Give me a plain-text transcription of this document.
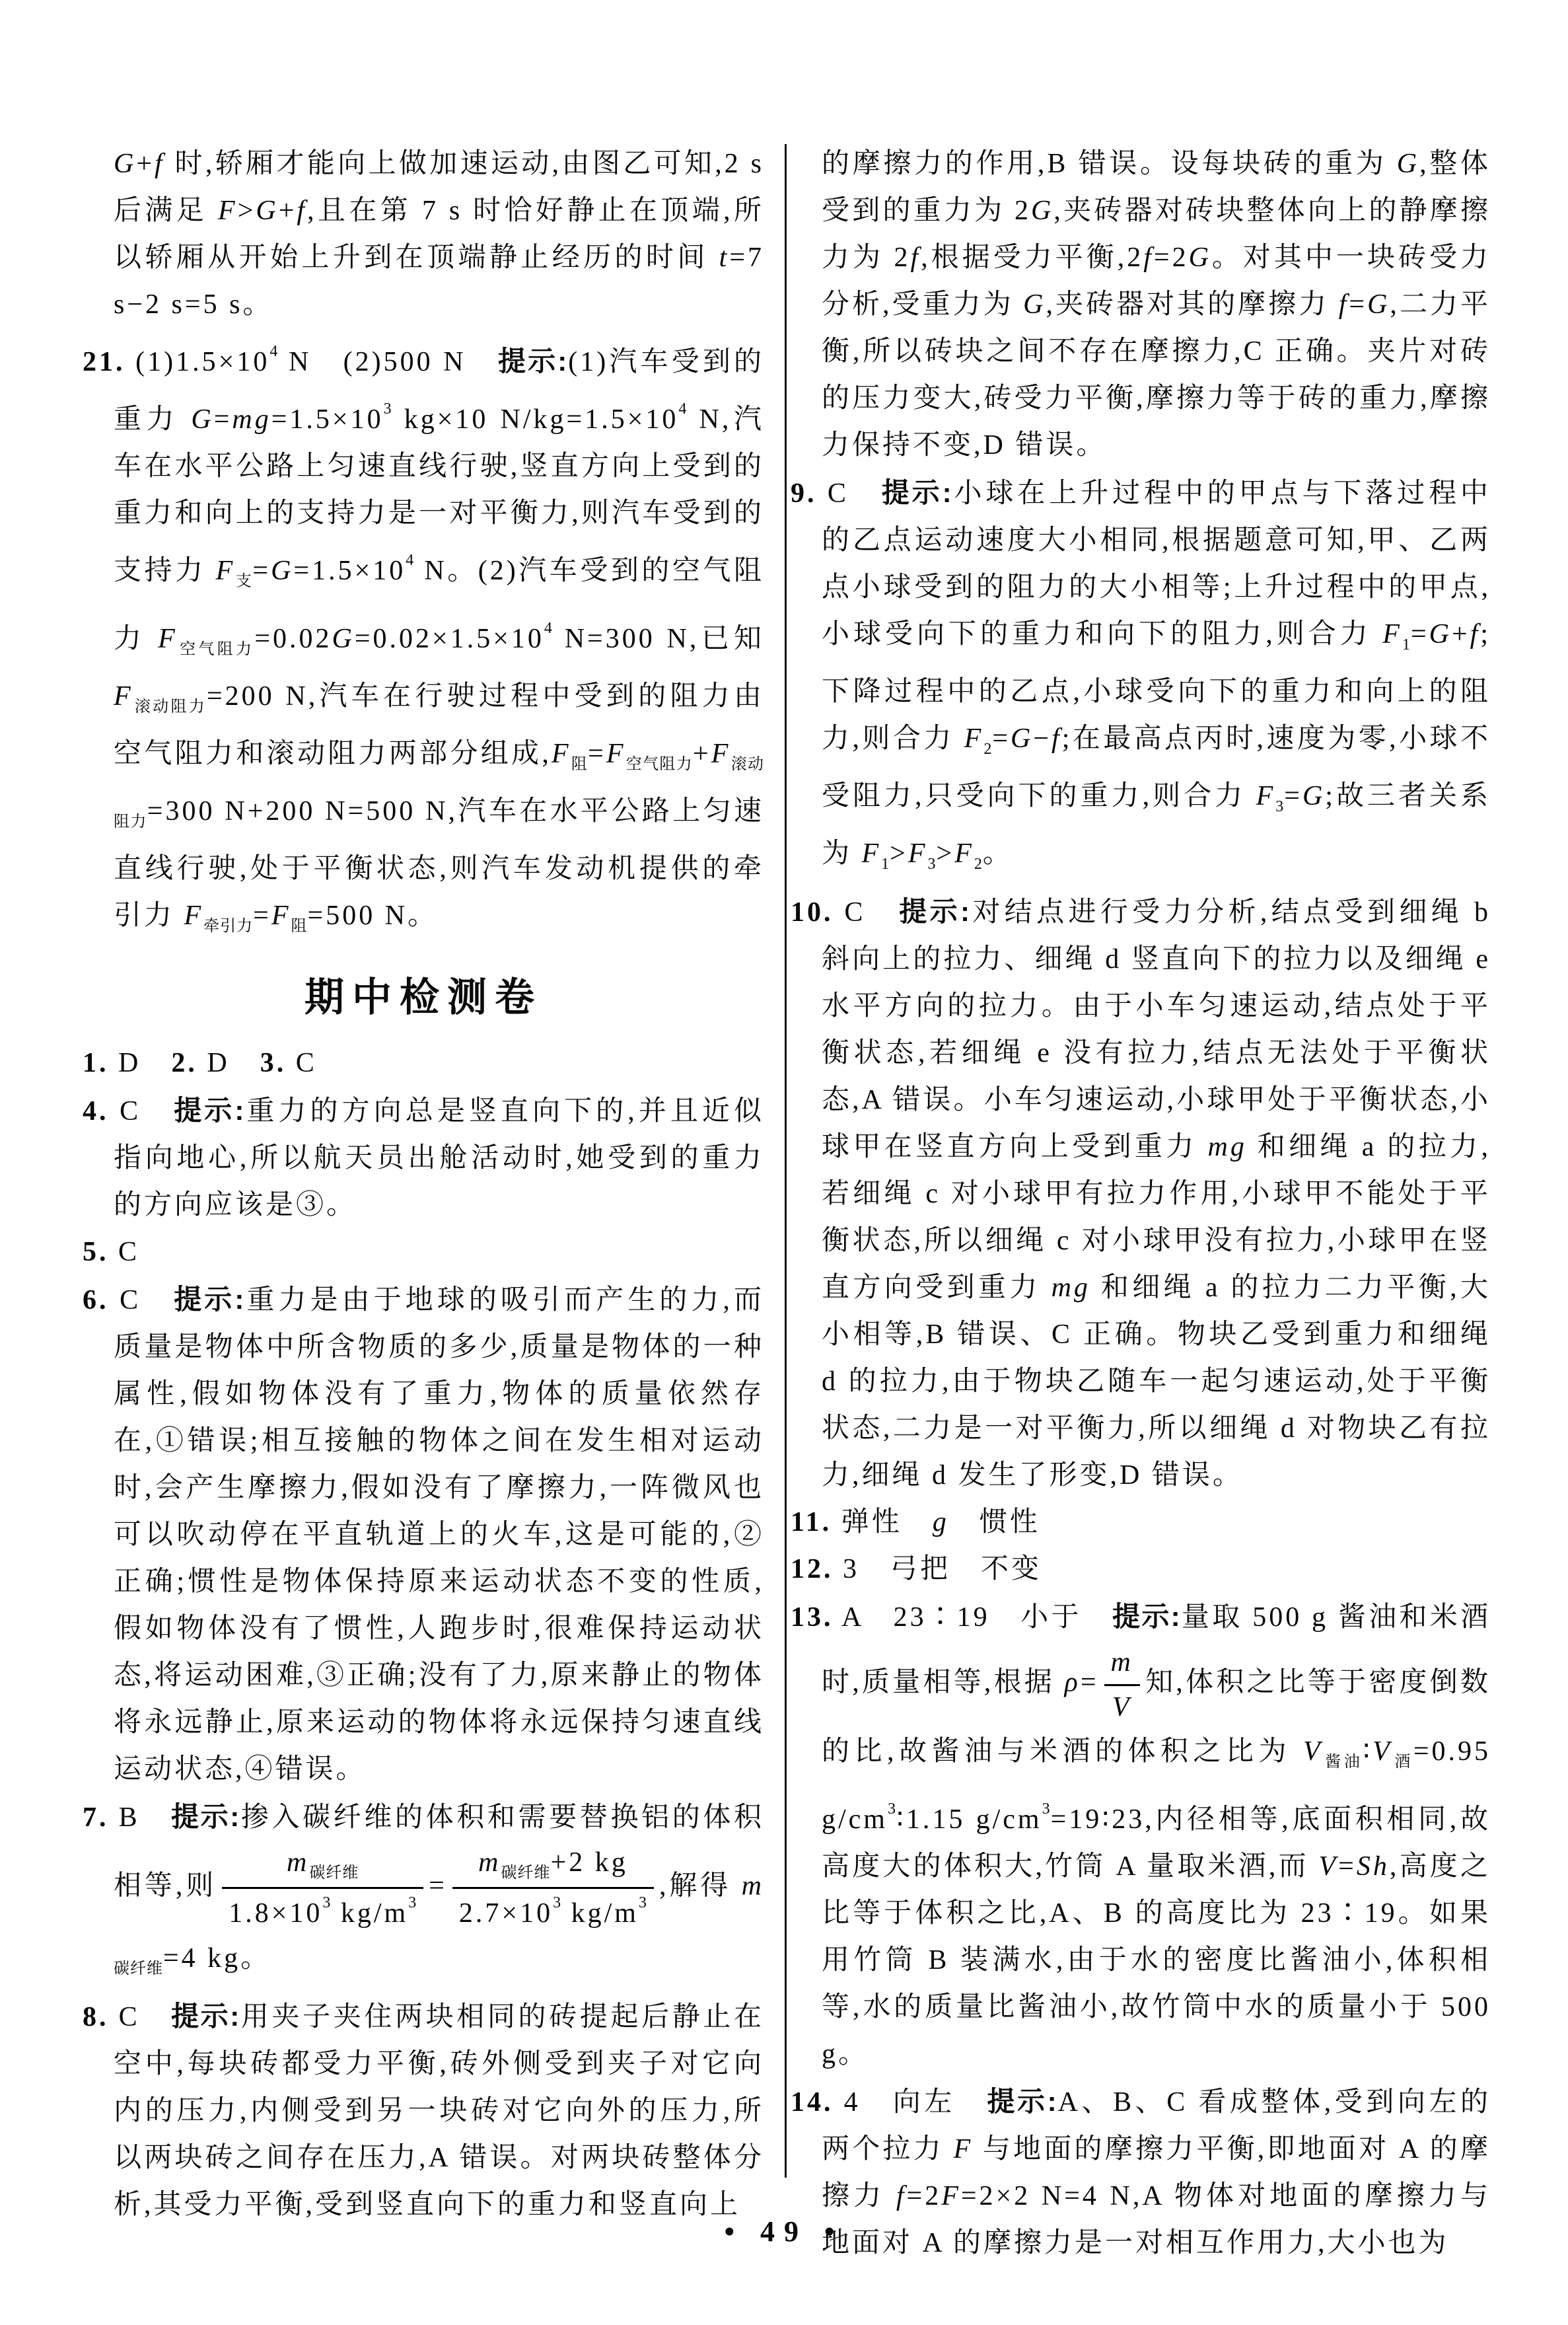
G+f 时,轿厢才能向上做加速运动,由图乙可知,2 s 后满足 F>G+f,且在第 7 s 时恰好静止在顶端,所以轿厢从开始上升到在顶端静止经历的时间 t=7 s−2 s=5 s。
21. $(1)1.5\times 10^4$ N　(2)500 N　提示:(1)汽车受到的重力 $G=mg=1.5\times 10^3$ kg×10 $N/kg=1.5\times 10^4$ N,汽车在水平公路上匀速直线行驶,竖直方向上受到的重力和向上的支持力是一对平衡力,则汽车受到的支持力 $F_支=G=1.5\times 10^4$ N。(2)汽车受到的空气阻力 $F_{空气阻力}=0.02G=0.02\times 1.5\times 10^4$ N=300 N,已知 $F_{滚动阻力}=200$ N,汽车在行驶过程中受到的阻力由空气阻力和滚动阻力两部分组成$,F_阻=F_{空气阻力}+F_{滚动阻力}=300$ N+200 N=500 N,汽车在水平公路上匀速直线行驶,处于平衡状态,则汽车发动机提供的牵引力 $F_{牵引力}=F_阻=500$ N。
期中检测卷
1. D　2. D　3. C
4. C　提示:重力的方向总是竖直向下的,并且近似指向地心,所以航天员出舱活动时,她受到的重力的方向应该是③。
5. C
6. C　提示:重力是由于地球的吸引而产生的力,而质量是物体中所含物质的多少,质量是物体的一种属性,假如物体没有了重力,物体的质量依然存在,①错误;相互接触的物体之间在发生相对运动时,会产生摩擦力,假如没有了摩擦力,一阵微风也可以吹动停在平直轨道上的火车,这是可能的,②正确;惯性是物体保持原来运动状态不变的性质,假如物体没有了惯性,人跑步时,很难保持运动状态,将运动困难,③正确;没有了力,原来静止的物体将永远静止,原来运动的物体将永远保持匀速直线运动状态,④错误。
7. B　提示:掺入碳纤维的体积和需要替换铝的体积相等,则 $\frac{m_{碳纤维}}{1.8\times 10^3 kg/m^3} = \frac{m_{碳纤维}+2 kg}{2.7\times 10^3 kg/m^3}$ ,解得 $m_{碳纤维}=4$ kg。
8. C　提示:用夹子夹住两块相同的砖提起后静止在空中,每块砖都受力平衡,砖外侧受到夹子对它向内的压力,内侧受到另一块砖对它向外的压力,所以两块砖之间存在压力,A 错误。对两块砖整体分析,其受力平衡,受到竖直向下的重力和竖直向上
的摩擦力的作用,B 错误。设每块砖的重为 G,整体受到的重力为 2G,夹砖器对砖块整体向上的静摩擦力为 2f,根据受力平衡,2f=2G。对其中一块砖受力分析,受重力为 G,夹砖器对其的摩擦力 f=G,二力平衡,所以砖块之间不存在摩擦力,C 正确。夹片对砖的压力变大,砖受力平衡,摩擦力等于砖的重力,摩擦力保持不变,D 错误。
9. C　提示:小球在上升过程中的甲点与下落过程中的乙点运动速度大小相同,根据题意可知,甲、乙两点小球受到的阻力的大小相等;上升过程中的甲点,小球受向下的重力和向下的阻力,则合力 $F_1=G+f$;下降过程中的乙点,小球受向下的重力和向上的阻力,则合力 $F_2=G-f$;在最高点丙时,速度为零,小球不受阻力,只受向下的重力,则合力 $F_3=G$;故三者关系为 $F_1>F_3>F_2$。
10. C　提示:对结点进行受力分析,结点受到细绳 b 斜向上的拉力、细绳 d 竖直向下的拉力以及细绳 e 水平方向的拉力。由于小车匀速运动,结点处于平衡状态,若细绳 e 没有拉力,结点无法处于平衡状态,A 错误。小车匀速运动,小球甲处于平衡状态,小球甲在竖直方向上受到重力 mg 和细绳 a 的拉力,若细绳 c 对小球甲有拉力作用,小球甲不能处于平衡状态,所以细绳 c 对小球甲没有拉力,小球甲在竖直方向受到重力 mg 和细绳 a 的拉力二力平衡,大小相等,B 错误、C 正确。物块乙受到重力和细绳 d 的拉力,由于物块乙随车一起匀速运动,处于平衡状态,二力是一对平衡力,所以细绳 d 对物块乙有拉力,细绳 d 发生了形变,D 错误。
11. 弹性　g　惯性
12. 3　弓把　不变
13. A　23∶19　小于　提示:量取 500 g 酱油和米酒时,质量相等,根据 $\rho= \frac{m}{V}$ 知,体积之比等于密度倒数的比,故酱油与米酒的体积之比为 $V_{酱油}∶V_酒=0.95$ $g/cm^3∶1.15$ $g/cm^3=19∶23$,内径相等,底面积相同,故高度大的体积大,竹筒 A 量取米酒,而 V=Sh,高度之比等于体积之比,A、B 的高度比为 23∶19。如果用竹筒 B 装满水,由于水的密度比酱油小,体积相等,水的质量比酱油小,故竹筒中水的质量小于 500 g。
14. 4　向左　提示:A、B、C 看成整体,受到向左的两个拉力 F 与地面的摩擦力平衡,即地面对 A 的摩擦力 f=2F=2×2 N=4 N,A 物体对地面的摩擦力与地面对 A 的摩擦力是一对相互作用力,大小也为
• 49 •
